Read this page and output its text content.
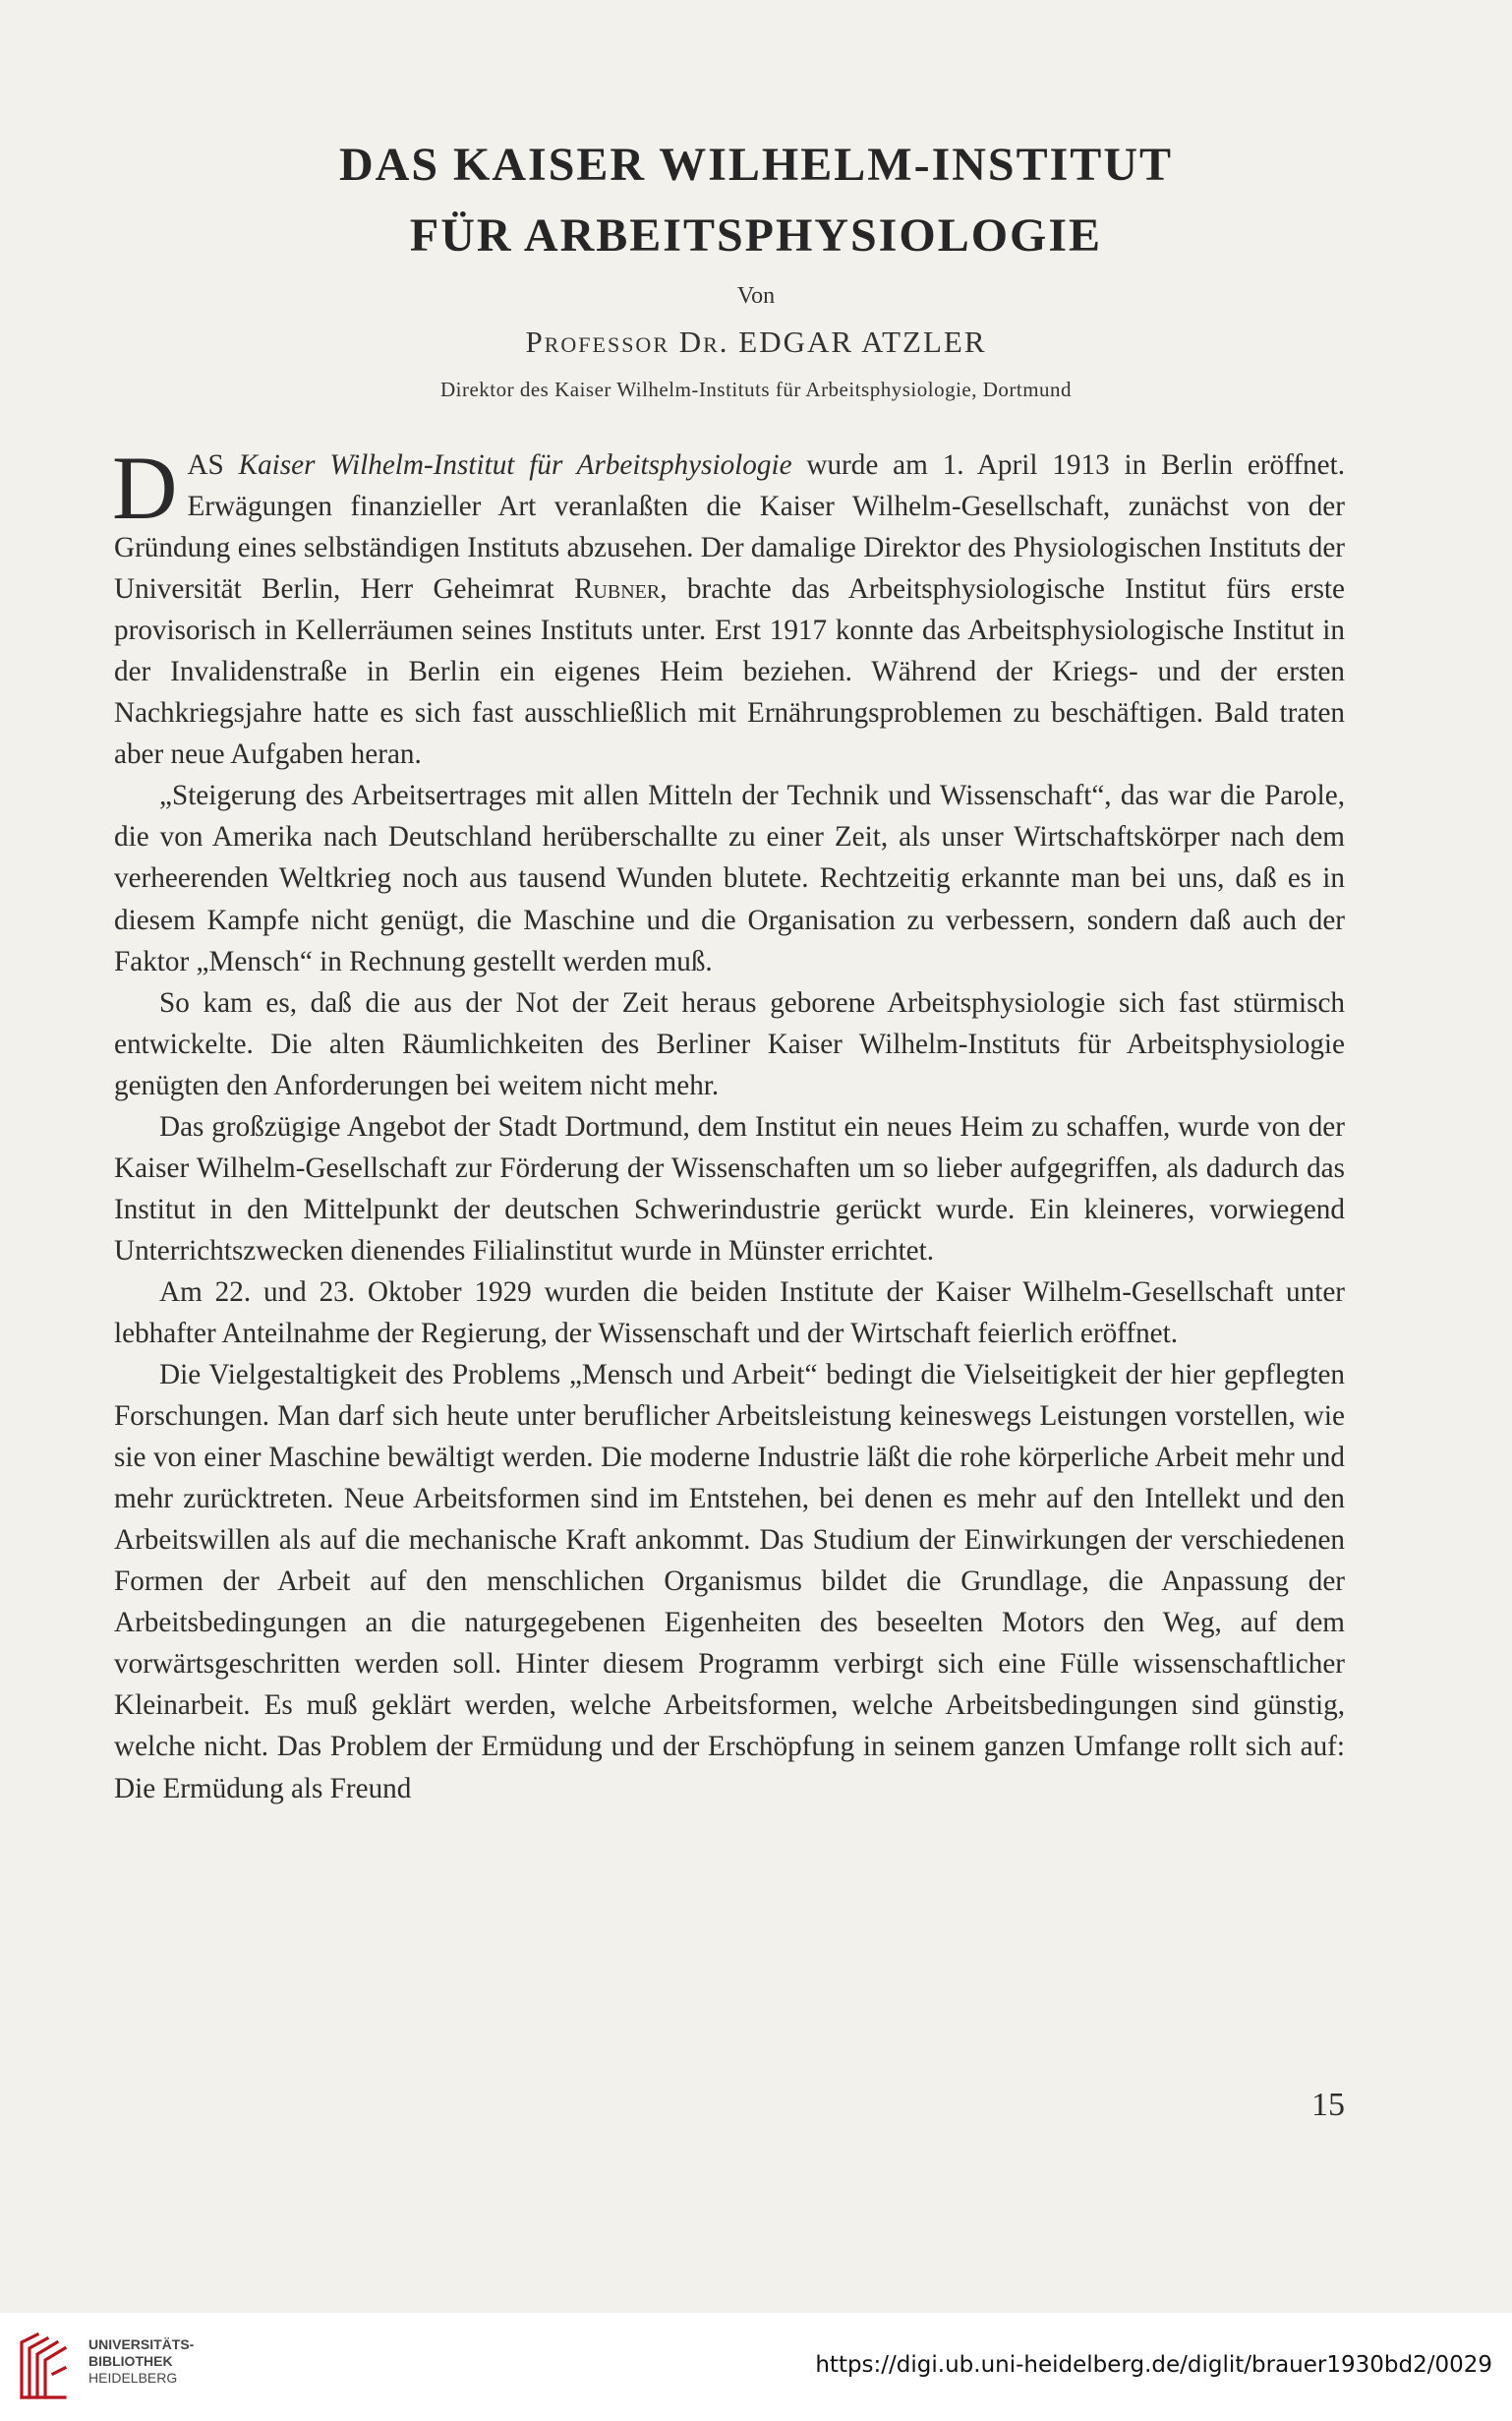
DAS KAISER WILHELM-INSTITUT
FÜR ARBEITSPHYSIOLOGIE
Von
Professor Dr. EDGAR ATZLER
Direktor des Kaiser Wilhelm-Instituts für Arbeitsphysiologie, Dortmund

DAS Kaiser Wilhelm-Institut für Arbeitsphysiologie wurde am 1. April 1913 in Berlin eröffnet. Erwägungen finanzieller Art veranlaßten die Kaiser Wilhelm-Gesellschaft, zunächst von der Gründung eines selbständigen Instituts abzusehen. Der damalige Direktor des Physiologischen Instituts der Universität Berlin, Herr Geheimrat Rubner, brachte das Arbeitsphysiologische Institut fürs erste provisorisch in Kellerräumen seines Instituts unter. Erst 1917 konnte das Arbeitsphysiologische Institut in der Invalidenstraße in Berlin ein eigenes Heim beziehen. Während der Kriegs- und der ersten Nachkriegsjahre hatte es sich fast ausschließlich mit Ernährungsproblemen zu beschäftigen. Bald traten aber neue Aufgaben heran.

„Steigerung des Arbeitsertrages mit allen Mitteln der Technik und Wissenschaft“, das war die Parole, die von Amerika nach Deutschland herüberschallte zu einer Zeit, als unser Wirtschaftskörper nach dem verheerenden Weltkrieg noch aus tausend Wunden blutete. Rechtzeitig erkannte man bei uns, daß es in diesem Kampfe nicht genügt, die Maschine und die Organisation zu verbessern, sondern daß auch der Faktor „Mensch“ in Rechnung gestellt werden muß.

So kam es, daß die aus der Not der Zeit heraus geborene Arbeitsphysiologie sich fast stürmisch entwickelte. Die alten Räumlichkeiten des Berliner Kaiser Wilhelm-Instituts für Arbeitsphysiologie genügten den Anforderungen bei weitem nicht mehr.

Das großzügige Angebot der Stadt Dortmund, dem Institut ein neues Heim zu schaffen, wurde von der Kaiser Wilhelm-Gesellschaft zur Förderung der Wissenschaften um so lieber aufgegriffen, als dadurch das Institut in den Mittelpunkt der deutschen Schwerindustrie gerückt wurde. Ein kleineres, vorwiegend Unterrichtszwecken dienendes Filialinstitut wurde in Münster errichtet.

Am 22. und 23. Oktober 1929 wurden die beiden Institute der Kaiser Wilhelm-Gesellschaft unter lebhafter Anteilnahme der Regierung, der Wissenschaft und der Wirtschaft feierlich eröffnet.

Die Vielgestaltigkeit des Problems „Mensch und Arbeit“ bedingt die Vielseitigkeit der hier gepflegten Forschungen. Man darf sich heute unter beruflicher Arbeitsleistung keineswegs Leistungen vorstellen, wie sie von einer Maschine bewältigt werden. Die moderne Industrie läßt die rohe körperliche Arbeit mehr und mehr zurücktreten. Neue Arbeitsformen sind im Entstehen, bei denen es mehr auf den Intellekt und den Arbeitswillen als auf die mechanische Kraft ankommt. Das Studium der Einwirkungen der verschiedenen Formen der Arbeit auf den menschlichen Organismus bildet die Grundlage, die Anpassung der Arbeitsbedingungen an die naturgegebenen Eigenheiten des beseelten Motors den Weg, auf dem vorwärtsgeschritten werden soll. Hinter diesem Programm verbirgt sich eine Fülle wissenschaftlicher Kleinarbeit. Es muß geklärt werden, welche Arbeitsformen, welche Arbeitsbedingungen sind günstig, welche nicht. Das Problem der Ermüdung und der Erschöpfung in seinem ganzen Umfange rollt sich auf: Die Ermüdung als Freund

15
UNIVERSITÄTS-
BIBLIOTHEK
HEIDELBERG	https://digi.ub.uni-heidelberg.de/diglit/brauer1930bd2/0029
